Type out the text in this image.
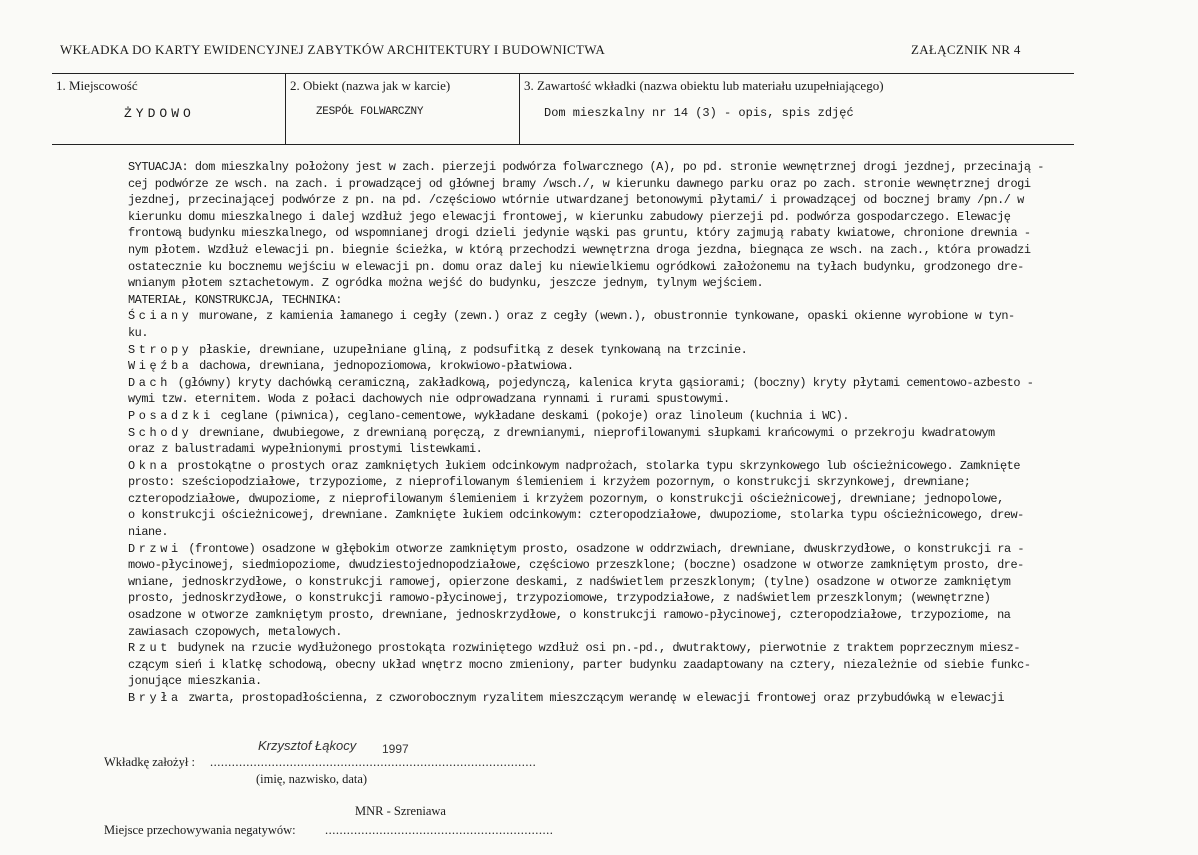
WKŁADKA DO KARTY EWIDENCYJNEJ ZABYTKÓW ARCHITEKTURY I BUDOWNICTWA	ZAŁĄCZNIK NR 4
1. Miejscowość
ŻYDOWO
2. Obiekt (nazwa jak w karcie)
ZESPÓŁ FOLWARCZNY
3. Zawartość wkładki (nazwa obiektu lub materiału uzupełniającego)
Dom mieszkalny nr 14 (3) - opis, spis zdjęć

SYTUACJA: dom mieszkalny położony jest w zach. pierzeji podwórza folwarcznego (A), po pd. stronie wewnętrznej drogi jezdnej, przecinają -

cej podwórze ze wsch. na zach. i prowadzącej od głównej bramy /wsch./, w kierunku dawnego parku oraz po zach. stronie wewnętrznej drogi

jezdnej, przecinającej podwórze z pn. na pd. /częściowo wtórnie utwardzanej betonowymi płytami/ i prowadzącej od bocznej bramy /pn./ w

kierunku domu mieszkalnego i dalej wzdłuż jego elewacji frontowej, w kierunku zabudowy pierzeji pd. podwórza gospodarczego. Elewację

frontową budynku mieszkalnego, od wspomnianej drogi dzieli jedynie wąski pas gruntu, który zajmują rabaty kwiatowe, chronione drewnia -

nym płotem. Wzdłuż elewacji pn. biegnie ścieżka, w którą przechodzi wewnętrzna droga jezdna, biegnąca ze wsch. na zach., która prowadzi

ostatecznie ku bocznemu wejściu w elewacji pn. domu oraz dalej ku niewielkiemu ogródkowi założonemu na tyłach budynku, grodzonego dre-

wnianym płotem sztachetowym. Z ogródka można wejść do budynku, jeszcze jednym, tylnym wejściem.

MATERIAŁ, KONSTRUKCJA, TECHNIKA:

Ściany murowane, z kamienia łamanego i cegły (zewn.) oraz z cegły (wewn.), obustronnie tynkowane, opaski okienne wyrobione w tyn-

ku.

Stropy płaskie, drewniane, uzupełniane gliną, z podsufitką z desek tynkowaną na trzcinie.

Więźba dachowa, drewniana, jednopoziomowa, krokwiowo-płatwiowa.

Dach (główny) kryty dachówką ceramiczną, zakładkową, pojedynczą, kalenica kryta gąsiorami; (boczny) kryty płytami cementowo-azbesto -

wymi tzw. eternitem. Woda z połaci dachowych nie odprowadzana rynnami i rurami spustowymi.

Posadzki ceglane (piwnica), ceglano-cementowe, wykładane deskami (pokoje) oraz linoleum (kuchnia i WC).

Schody drewniane, dwubiegowe, z drewnianą poręczą, z drewnianymi, nieprofilowanymi słupkami krańcowymi o przekroju kwadratowym

oraz z balustradami wypełnionymi prostymi listewkami.

Okna prostokątne o prostych oraz zamkniętych łukiem odcinkowym nadprożach, stolarka typu skrzynkowego lub ościeżnicowego. Zamknięte

prosto: sześciopodziałowe, trzypoziome, z nieprofilowanym ślemieniem i krzyżem pozornym, o konstrukcji skrzynkowej, drewniane;

czteropodziałowe, dwupoziome, z nieprofilowanym ślemieniem i krzyżem pozornym, o konstrukcji ościeżnicowej, drewniane; jednopolowe,

o konstrukcji ościeżnicowej, drewniane. Zamknięte łukiem odcinkowym: czteropodziałowe, dwupoziome, stolarka typu ościeżnicowego, drew-

niane.

Drzwi (frontowe) osadzone w głębokim otworze zamkniętym prosto, osadzone w oddrzwiach, drewniane, dwuskrzydłowe, o konstrukcji ra -

mowo-płycinowej, siedmiopoziome, dwudziestojednopodziałowe, częściowo przeszklone; (boczne) osadzone w otworze zamkniętym prosto, dre-

wniane, jednoskrzydłowe, o konstrukcji ramowej, opierzone deskami, z nadświetlem przeszklonym; (tylne) osadzone w otworze zamkniętym

prosto, jednoskrzydłowe, o konstrukcji ramowo-płycinowej, trzypoziomowe, trzypodziałowe, z nadświetlem przeszklonym; (wewnętrzne)

osadzone w otworze zamkniętym prosto, drewniane, jednoskrzydłowe, o konstrukcji ramowo-płycinowej, czteropodziałowe, trzypoziome, na

zawiasach czopowych, metalowych.

Rzut budynek na rzucie wydłużonego prostokąta rozwiniętego wzdłuż osi pn.-pd., dwutraktowy, pierwotnie z traktem poprzecznym miesz-

czącym sień i klatkę schodową, obecny układ wnętrz mocno zmieniony, parter budynku zaadaptowany na cztery, niezależnie od siebie funkc-

jonujące mieszkania.

Bryła zwarta, prostopadłościenna, z czworobocznym ryzalitem mieszczącym werandę w elewacji frontowej oraz przybudówką w elewacji

Krzysztof Łąkocy 1997
Wkładkę założył : ..........................................................................................
(imię, nazwisko, data)
MNR - Szreniawa
Miejsce przechowywania negatywów: ...............................................................
